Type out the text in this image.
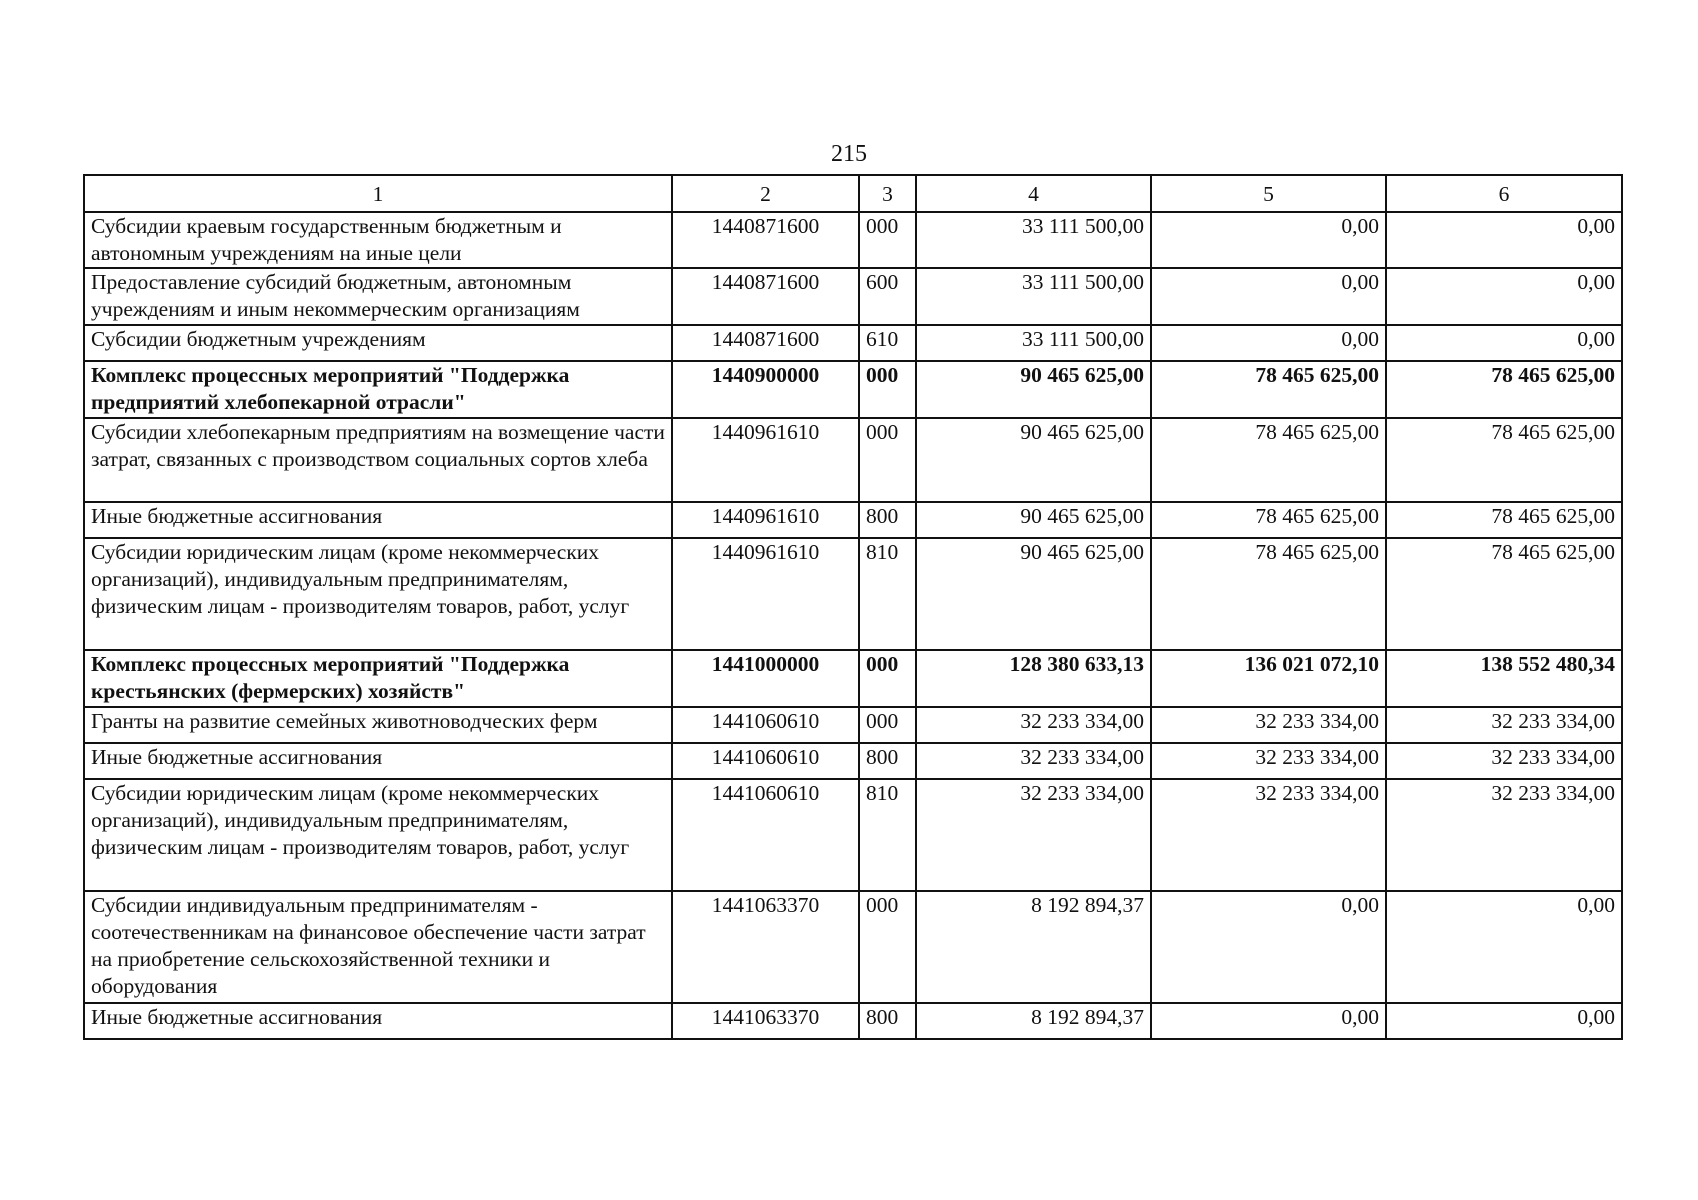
215
1	2	3	4	5	6
Субсидии краевым государственным бюджетным и автономным учреждениям на иные цели	1440871600	000	33 111 500,00	0,00	0,00
Предоставление субсидий бюджетным, автономным учреждениям и иным некоммерческим организациям	1440871600	600	33 111 500,00	0,00	0,00
Субсидии бюджетным учреждениям	1440871600	610	33 111 500,00	0,00	0,00
Комплекс процессных мероприятий "Поддержка предприятий хлебопекарной отрасли"	1440900000	000	90 465 625,00	78 465 625,00	78 465 625,00
Субсидии хлебопекарным предприятиям на возмещение части затрат, связанных с производством социальных сортов хлеба	1440961610	000	90 465 625,00	78 465 625,00	78 465 625,00
Иные бюджетные ассигнования	1440961610	800	90 465 625,00	78 465 625,00	78 465 625,00
Субсидии юридическим лицам (кроме некоммерческих организаций), индивидуальным предпринимателям, физическим лицам - производителям товаров, работ, услуг	1440961610	810	90 465 625,00	78 465 625,00	78 465 625,00
Комплекс процессных мероприятий "Поддержка крестьянских (фермерских) хозяйств"	1441000000	000	128 380 633,13	136 021 072,10	138 552 480,34
Гранты на развитие семейных животноводческих ферм	1441060610	000	32 233 334,00	32 233 334,00	32 233 334,00
Иные бюджетные ассигнования	1441060610	800	32 233 334,00	32 233 334,00	32 233 334,00
Субсидии юридическим лицам (кроме некоммерческих организаций), индивидуальным предпринимателям, физическим лицам - производителям товаров, работ, услуг	1441060610	810	32 233 334,00	32 233 334,00	32 233 334,00
Субсидии индивидуальным предпринимателям - соотечественникам на финансовое обеспечение части затрат на приобретение сельскохозяйственной техники и оборудования	1441063370	000	8 192 894,37	0,00	0,00
Иные бюджетные ассигнования	1441063370	800	8 192 894,37	0,00	0,00
